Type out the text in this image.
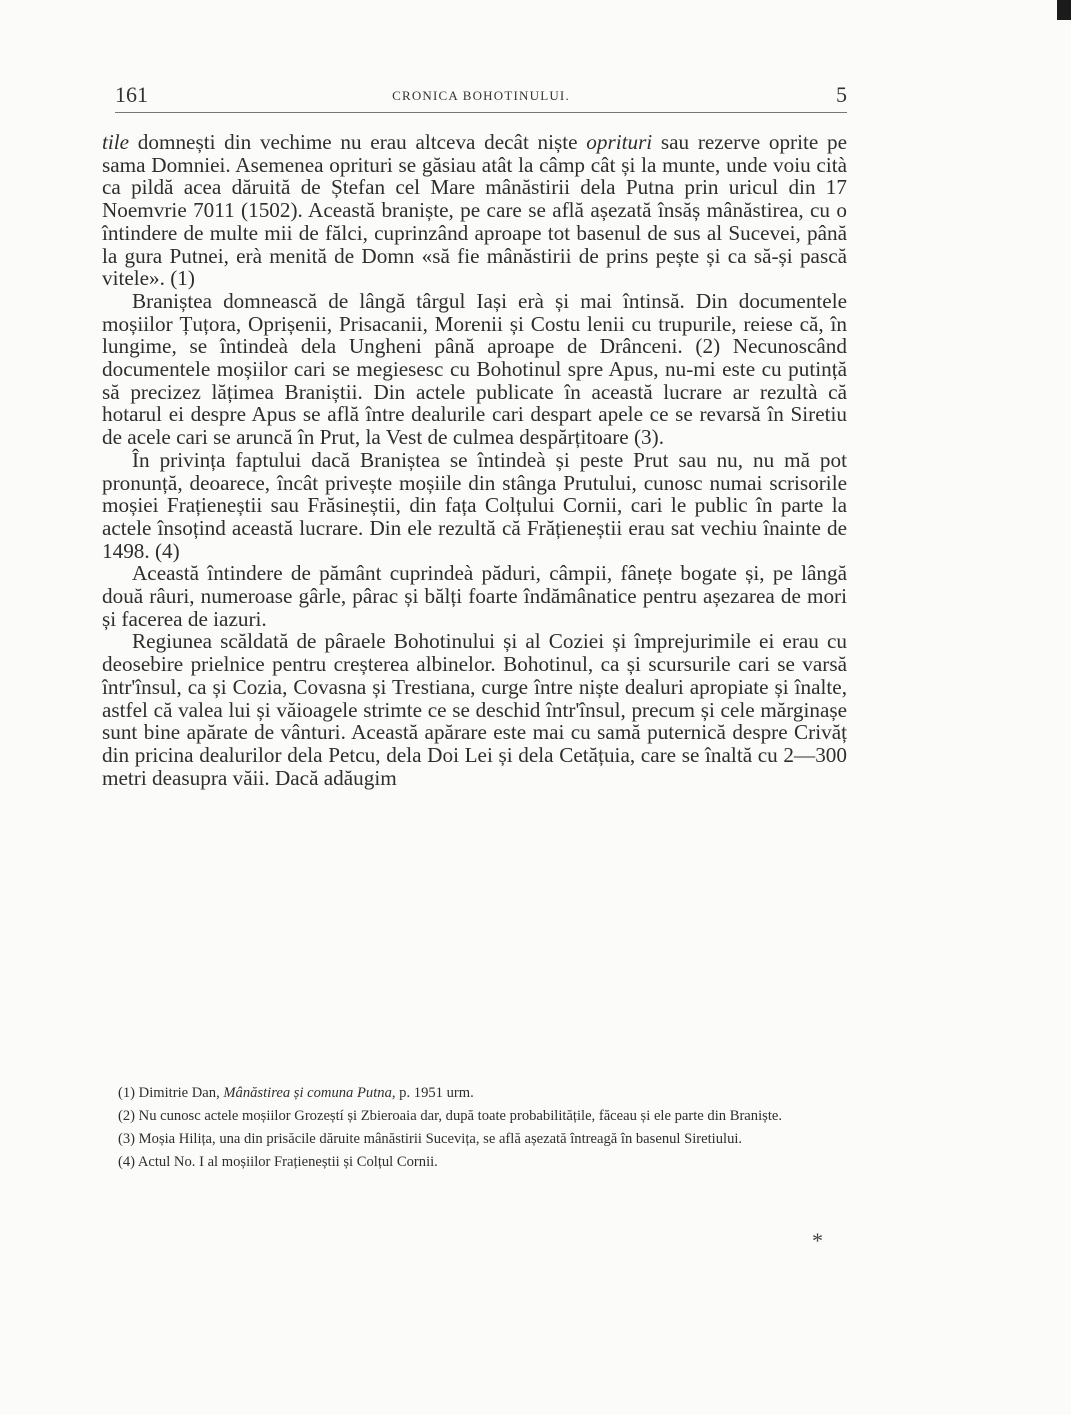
161	CRONICA BOHOTINULUI.	5

tile domnești din vechime nu erau altceva decât niște oprituri sau rezerve oprite pe sama Domniei. Asemenea oprituri se găsiau atât la câmp cât și la munte, unde voiu cità ca pildă acea dăruită de Ștefan cel Mare mânăstirii dela Putna prin uricul din 17 Noemvrie 7011 (1502). Această braniște, pe care se află așezată însăș mânăstirea, cu o întindere de multe mii de fălci, cuprinzând aproape tot basenul de sus al Sucevei, până la gura Putnei, erà menită de Domn «să fie mânăstirii de prins pește și ca să-și pască vitele». (1)

Braniștea domnească de lângă târgul Iași erà și mai întinsă. Din documentele moșiilor Țuțora, Oprișenii, Prisacanii, Morenii și Costu lenii cu trupurile, reiese că, în lungime, se întindeà dela Ungheni până aproape de Drânceni. (2) Necunoscând documentele moșiilor cari se megiesesc cu Bohotinul spre Apus, nu-mi este cu putință să precizez lățimea Braniștii. Din actele publicate în această lucrare ar rezultà că hotarul ei despre Apus se află între dealurile cari despart apele ce se revarsă în Siretiu de acele cari se aruncă în Prut, la Vest de culmea despărțitoare (3).

În privința faptului dacă Braniștea se întindeà și peste Prut sau nu, nu mă pot pronunță, deoarece, încât privește moșiile din stânga Prutului, cunosc numai scrisorile moșiei Frațieneștii sau Frăsineștii, din fața Colțului Cornii, cari le public în parte la actele însoțind această lucrare. Din ele rezultă că Frățieneștii erau sat vechiu înainte de 1498. (4)

Această întindere de pământ cuprindeà păduri, câmpii, fânețe bogate și, pe lângă două râuri, numeroase gârle, pârac și bălți foarte îndămânatice pentru așezarea de mori și facerea de iazuri.

Regiunea scăldată de pâraele Bohotinului și al Coziei și împrejurimile ei erau cu deosebire prielnice pentru creșterea albinelor. Bohotinul, ca și scursurile cari se varsă într'însul, ca și Cozia, Covasna și Trestiana, curge între niște dealuri apropiate și înalte, astfel că valea lui și văioagele strimte ce se deschid într'însul, precum și cele mărginașe sunt bine apărate de vânturi. Această apărare este mai cu samă puternică despre Crivăț din pricina dealurilor dela Petcu, dela Doi Lei și dela Cetățuia, care se înaltă cu 2—300 metri deasupra văii. Dacă adăugim

(1) Dimitrie Dan, Mânăstirea și comuna Putna, p. 1951 urm.

(2) Nu cunosc actele moșiilor Grozeștí și Zbieroaia dar, după toate probabilitățile, făceau și ele parte din Braniște.

(3) Moșia Hilița, una din prisăcile dăruite mânăstirii Sucevița, se află așezată întreagă în basenul Siretiului.

(4) Actul No. I al moșiilor Frațieneștii și Colțul Cornii.

*
